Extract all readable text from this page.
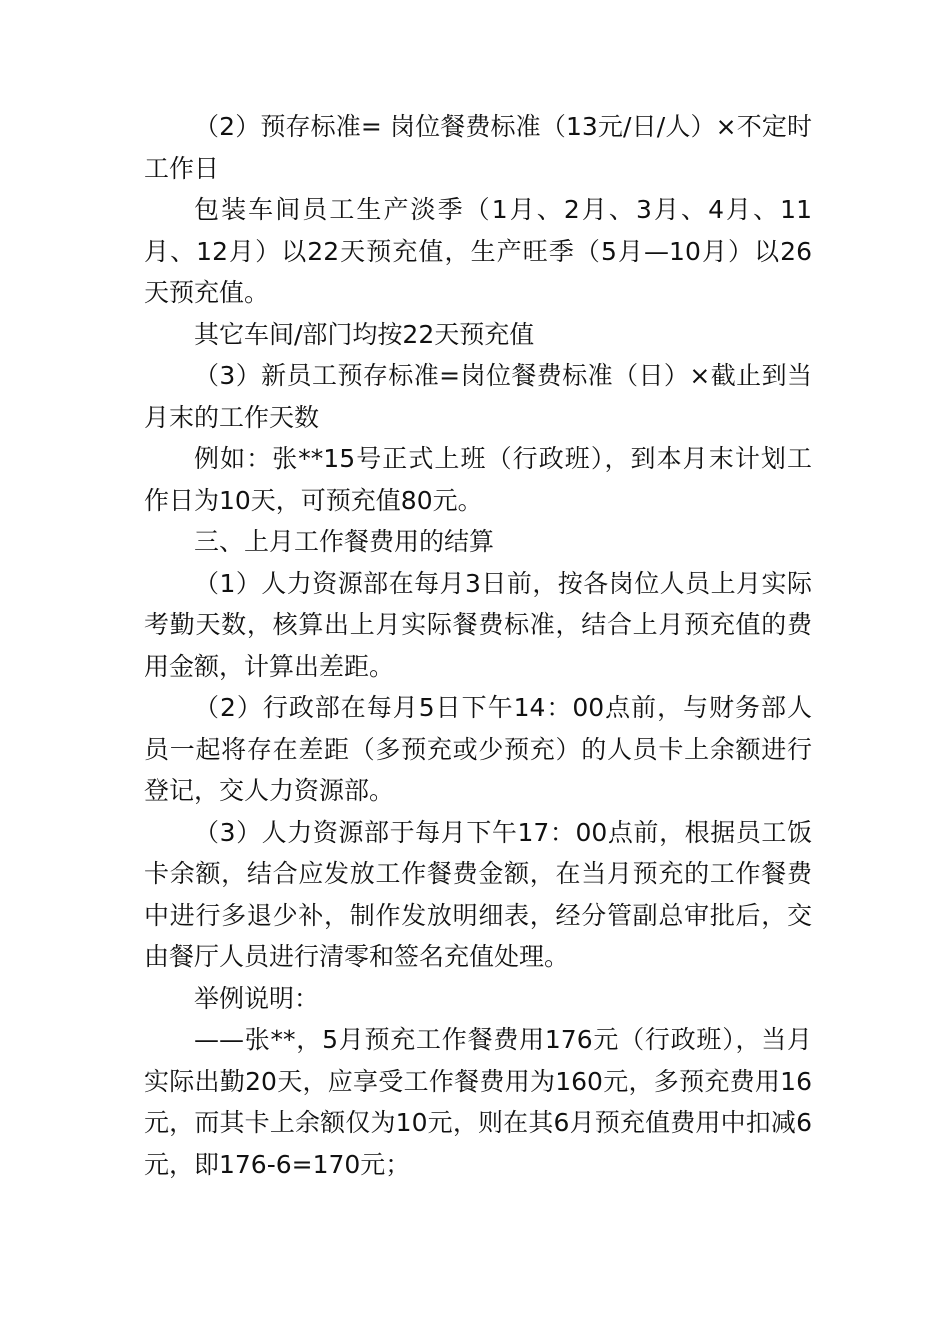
（2）预存标准= 岗位餐费标准（13元/日/人）×不定时工作日

包装车间员工生产淡季（1月、2月、3月、4月、11月、12月）以22天预充值，生产旺季（5月—10月）以26天预充值。

其它车间/部门均按22天预充值

（3）新员工预存标准=岗位餐费标准（日）×截止到当月末的工作天数

例如：张**15号正式上班（行政班），到本月末计划工作日为10天，可预充值80元。

三、上月工作餐费用的结算

（1）人力资源部在每月3日前，按各岗位人员上月实际考勤天数，核算出上月实际餐费标准，结合上月预充值的费用金额，计算出差距。

（2）行政部在每月5日下午14：00点前，与财务部人员一起将存在差距（多预充或少预充）的人员卡上余额进行登记，交人力资源部。

（3）人力资源部于每月下午17：00点前，根据员工饭卡余额，结合应发放工作餐费金额，在当月预充的工作餐费中进行多退少补，制作发放明细表，经分管副总审批后，交由餐厅人员进行清零和签名充值处理。

举例说明：

——张**，5月预充工作餐费用176元（行政班），当月实际出勤20天，应享受工作餐费用为160元，多预充费用16元，而其卡上余额仅为10元，则在其6月预充值费用中扣减6元，即176-6=170元；
